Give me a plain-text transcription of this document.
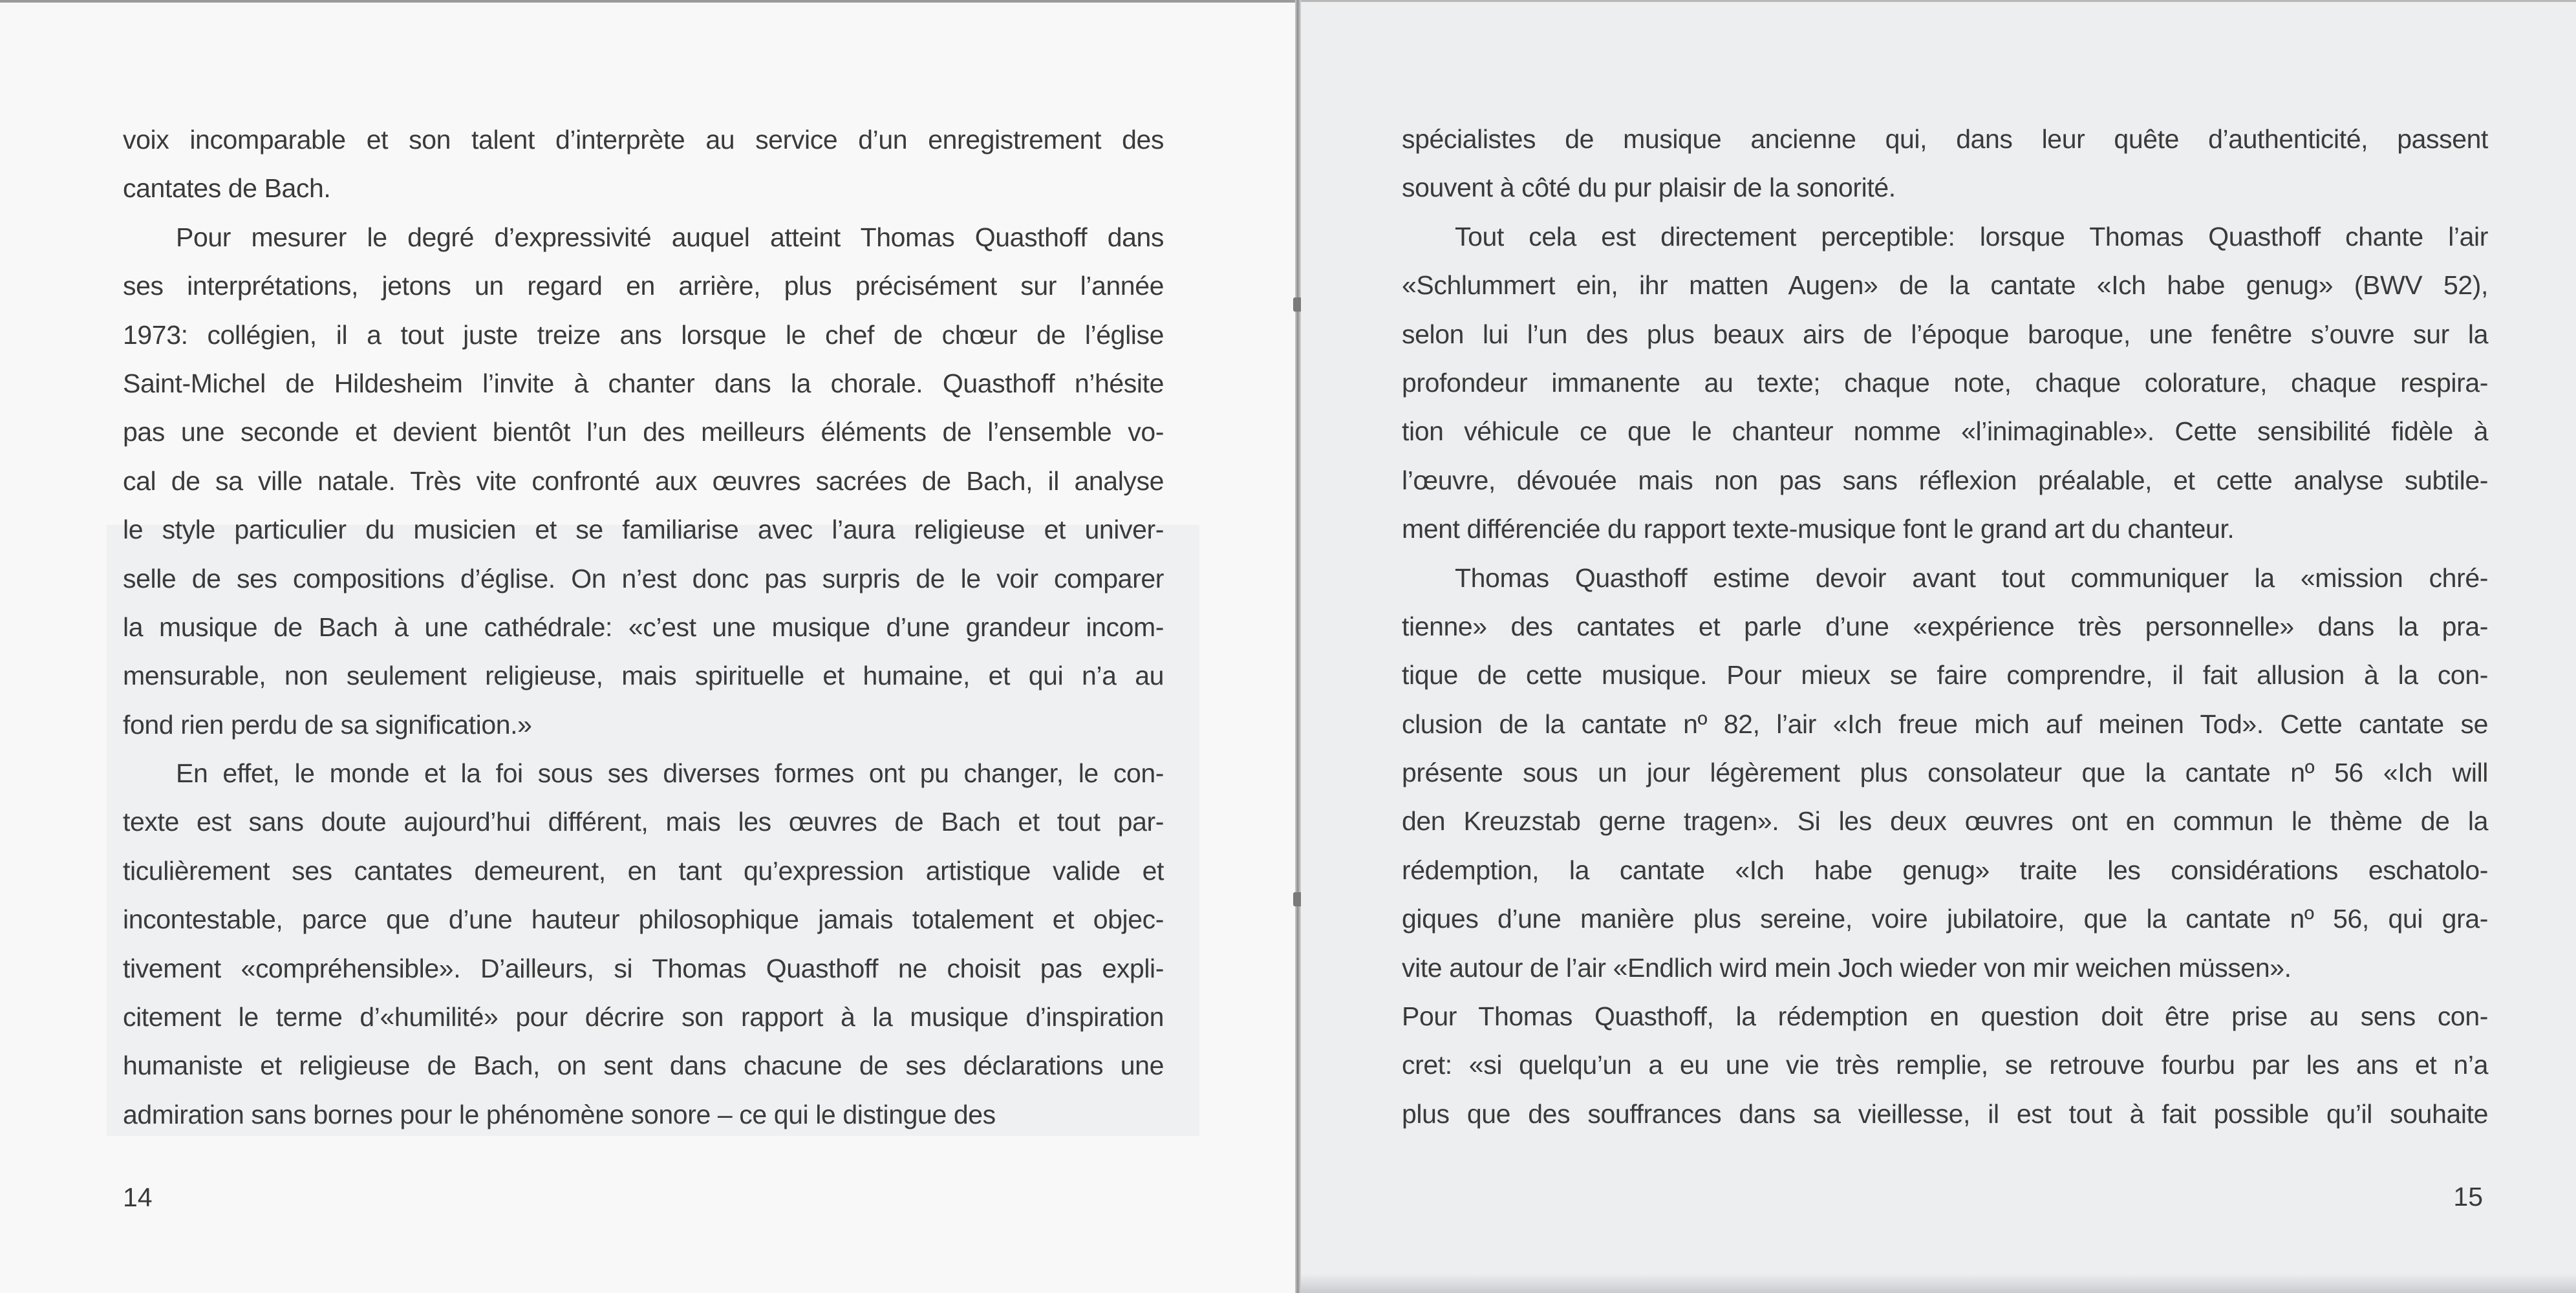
voix incomparable et son talent d’interprète au service d’un enregistrement des
cantates de Bach.
Pour mesurer le degré d’expressivité auquel atteint Thomas Quasthoff dans
ses interprétations, jetons un regard en arrière, plus précisément sur l’année
1973: collégien, il a tout juste treize ans lorsque le chef de chœur de l’église
Saint-Michel de Hildesheim l’invite à chanter dans la chorale. Quasthoff n’hésite
pas une seconde et devient bientôt l’un des meilleurs éléments de l’ensemble vo-
cal de sa ville natale. Très vite confronté aux œuvres sacrées de Bach, il analyse
le style particulier du musicien et se familiarise avec l’aura religieuse et univer-
selle de ses compositions d’église. On n’est donc pas surpris de le voir comparer
la musique de Bach à une cathédrale: «c’est une musique d’une grandeur incom-
mensurable, non seulement religieuse, mais spirituelle et humaine, et qui n’a au
fond rien perdu de sa signification.»
En effet, le monde et la foi sous ses diverses formes ont pu changer, le con-
texte est sans doute aujourd’hui différent, mais les œuvres de Bach et tout par-
ticulièrement ses cantates demeurent, en tant qu’expression artistique valide et
incontestable, parce que d’une hauteur philosophique jamais totalement et objec-
tivement «compréhensible». D’ailleurs, si Thomas Quasthoff ne choisit pas expli-
citement le terme d’«humilité» pour décrire son rapport à la musique d’inspiration
humaniste et religieuse de Bach, on sent dans chacune de ses déclarations une
admiration sans bornes pour le phénomène sonore – ce qui le distingue des
14
spécialistes de musique ancienne qui, dans leur quête d’authenticité, passent
souvent à côté du pur plaisir de la sonorité.
Tout cela est directement perceptible: lorsque Thomas Quasthoff chante l’air
«Schlummert ein, ihr matten Augen» de la cantate «Ich habe genug» (BWV 52),
selon lui l’un des plus beaux airs de l’époque baroque, une fenêtre s’ouvre sur la
profondeur immanente au texte; chaque note, chaque colorature, chaque respira-
tion véhicule ce que le chanteur nomme «l’inimaginable». Cette sensibilité fidèle à
l’œuvre, dévouée mais non pas sans réflexion préalable, et cette analyse subtile-
ment différenciée du rapport texte-musique font le grand art du chanteur.
Thomas Quasthoff estime devoir avant tout communiquer la «mission chré-
tienne» des cantates et parle d’une «expérience très personnelle» dans la pra-
tique de cette musique. Pour mieux se faire comprendre, il fait allusion à la con-
clusion de la cantate nº 82, l’air «Ich freue mich auf meinen Tod». Cette cantate se
présente sous un jour légèrement plus consolateur que la cantate nº 56 «Ich will
den Kreuzstab gerne tragen». Si les deux œuvres ont en commun le thème de la
rédemption, la cantate «Ich habe genug» traite les considérations eschatolo-
giques d’une manière plus sereine, voire jubilatoire, que la cantate nº 56, qui gra-
vite autour de l’air «Endlich wird mein Joch wieder von mir weichen müssen».
Pour Thomas Quasthoff, la rédemption en question doit être prise au sens con-
cret: «si quelqu’un a eu une vie très remplie, se retrouve fourbu par les ans et n’a
plus que des souffrances dans sa vieillesse, il est tout à fait possible qu’il souhaite
15
